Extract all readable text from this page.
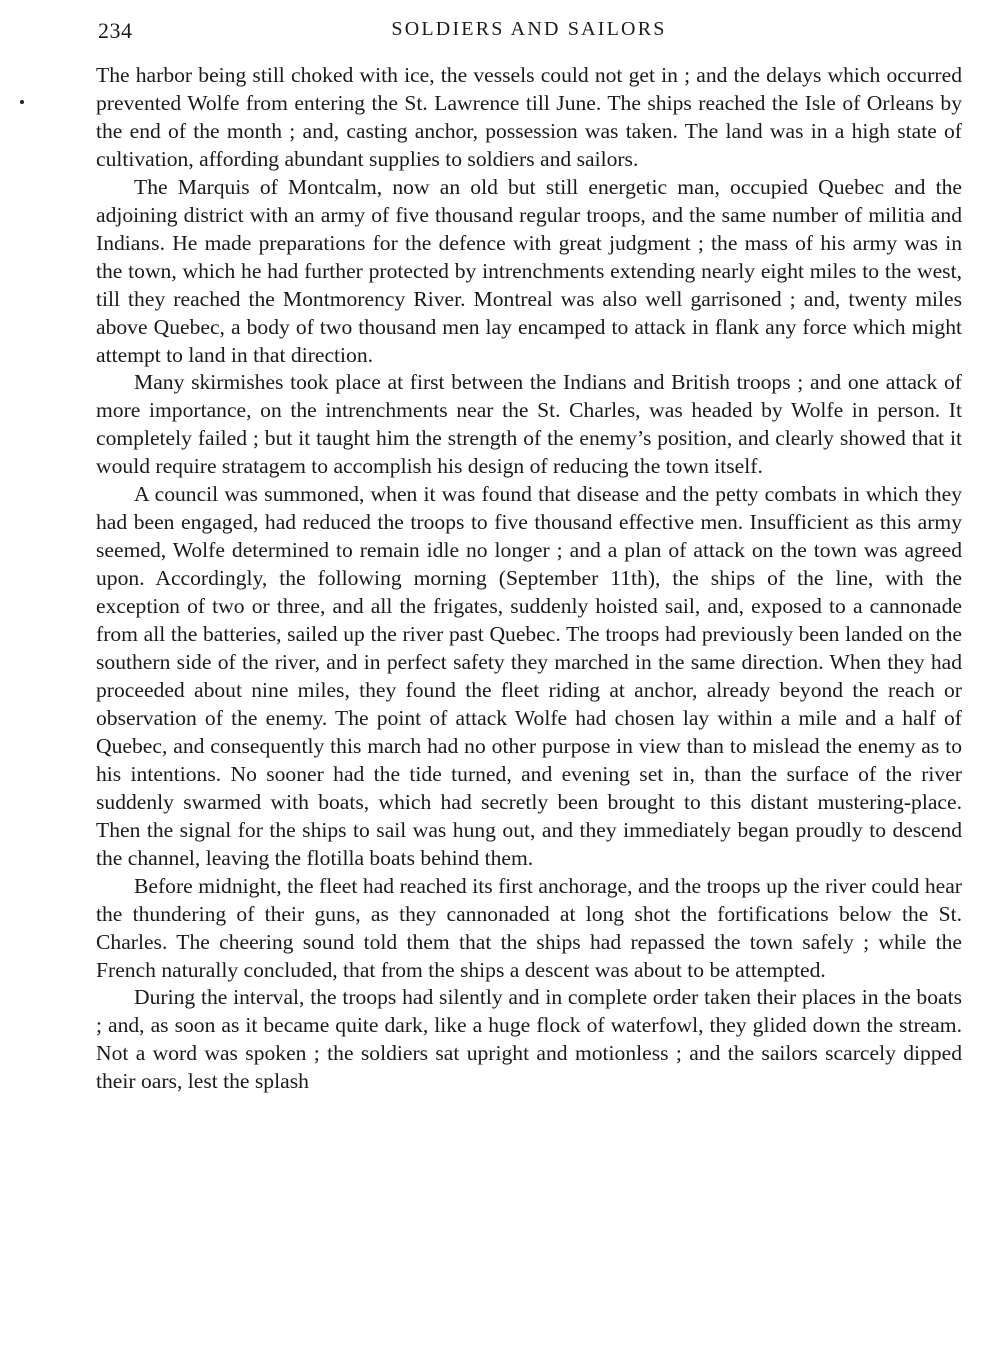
234	SOLDIERS AND SAILORS

The harbor being still choked with ice, the vessels could not get in ; and the delays which occurred prevented Wolfe from entering the St. Lawrence till June. The ships reached the Isle of Orleans by the end of the month ; and, casting anchor, possession was taken. The land was in a high state of cultivation, affording abundant supplies to soldiers and sailors.

The Marquis of Montcalm, now an old but still energetic man, occupied Quebec and the adjoining district with an army of five thousand regular troops, and the same number of militia and Indians. He made preparations for the defence with great judgment ; the mass of his army was in the town, which he had further protected by intrenchments extending nearly eight miles to the west, till they reached the Montmorency River. Montreal was also well garrisoned ; and, twenty miles above Quebec, a body of two thousand men lay encamped to attack in flank any force which might attempt to land in that direction.

Many skirmishes took place at first between the Indians and British troops ; and one attack of more importance, on the intrenchments near the St. Charles, was headed by Wolfe in person. It completely failed ; but it taught him the strength of the enemy’s position, and clearly showed that it would require stratagem to accomplish his design of reducing the town itself.

A council was summoned, when it was found that disease and the petty combats in which they had been engaged, had reduced the troops to five thousand effective men. Insufficient as this army seemed, Wolfe determined to remain idle no longer ; and a plan of attack on the town was agreed upon. Accordingly, the following morning (September 11th), the ships of the line, with the exception of two or three, and all the frigates, suddenly hoisted sail, and, exposed to a cannonade from all the batteries, sailed up the river past Quebec. The troops had previously been landed on the southern side of the river, and in perfect safety they marched in the same direction. When they had proceeded about nine miles, they found the fleet riding at anchor, already beyond the reach or observation of the enemy. The point of attack Wolfe had chosen lay within a mile and a half of Quebec, and consequently this march had no other purpose in view than to mislead the enemy as to his intentions. No sooner had the tide turned, and evening set in, than the surface of the river suddenly swarmed with boats, which had secretly been brought to this distant mustering-place. Then the signal for the ships to sail was hung out, and they immediately began proudly to descend the channel, leaving the flotilla boats behind them.

Before midnight, the fleet had reached its first anchorage, and the troops up the river could hear the thundering of their guns, as they cannonaded at long shot the fortifications below the St. Charles. The cheering sound told them that the ships had repassed the town safely ; while the French naturally concluded, that from the ships a descent was about to be attempted.

During the interval, the troops had silently and in complete order taken their places in the boats ; and, as soon as it became quite dark, like a huge flock of waterfowl, they glided down the stream. Not a word was spoken ; the soldiers sat upright and motionless ; and the sailors scarcely dipped their oars, lest the splash
